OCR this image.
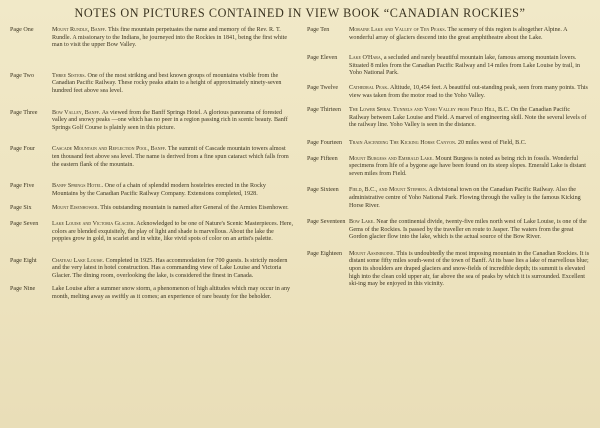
NOTES ON PICTURES CONTAINED IN VIEW BOOK “CANADIAN ROCKIES”
Page One	Mount Rundle, Banff. This fine mountain perpetuates the name and memory of the Rev. R. T. Rundle. A missionary to the Indians, he journeyed into the Rockies in 1841, being the first white man to visit the upper Bow Valley.
Page Two	Three Sisters. One of the most striking and best known groups of mountains visible from the Canadian Pacific Railway. These rocky peaks attain to a height of approximately ninety-seven hundred feet above sea level.
Page Three	Bow Valley, Banff. As viewed from the Banff Springs Hotel. A glorious panorama of forested valley and snowy peaks —one which has no peer in a region passing rich in scenic beauty. Banff Springs Golf Course is plainly seen in this picture.
Page Four	Cascade Mountain and Reflection Pool, Banff. The summit of Cascade mountain towers almost ten thousand feet above sea level. The name is derived from a fine spun cataract which falls from the eastern flank of the mountain.
Page Five	Banff Springs Hotel. One of a chain of splendid modern hostelries erected in the Rocky Mountains by the Canadian Pacific Railway Company. Extensions completed, 1928.
Page Six	Mount Eisenhower. This outstanding mountain is named after General of the Armies Eisenhower.
Page Seven	Lake Louise and Victoria Glacier. Acknowledged to be one of Nature's Scenic Masterpieces. Here, colors are blended exquisitely, the play of light and shade is marvellous. About the lake the poppies grow in gold, in scarlet and in white, like vivid spots of color on an artist's palette.
Page Eight	Chateau Lake Louise. Completed in 1925. Has accommodation for 700 guests. Is strictly modern and the very latest in hotel construction. Has a commanding view of Lake Louise and Victoria Glacier. The dining room, overlooking the lake, is considered the finest in Canada.
Page Nine	Lake Louise after a summer snow storm, a phenomenon of high altitudes which may occur in any month, melting away as swiftly as it comes; an experience of rare beauty for the beholder.
Page Ten	Moraine Lake and Valley of Ten Peaks. The scenery of this region is altogether Alpine. A wonderful array of glaciers descend into the great amphitheatre about the Lake.
Page Eleven	Lake O'Hara, a secluded and rarely beautiful mountain lake, famous among mountain lovers. Situated 8 miles from the Canadian Pacific Railway and 14 miles from Lake Louise by trail, in Yoho National Park.
Page Twelve	Cathedral Peak. Altitude, 10,454 feet. A beautiful out-standing peak, seen from many points. This view was taken from the motor road to the Yoho Valley.
Page Thirteen	The Lower Spiral Tunnels and Yoho Valley from Field Hill, B.C. On the Canadian Pacific Railway between Lake Louise and Field. A marvel of engineering skill. Note the several levels of the railway line. Yoho Valley is seen in the distance.
Page Fourteen	Train Ascending The Kicking Horse Canyon. 20 miles west of Field, B.C.
Page Fifteen	Mount Burgess and Emerald Lake. Mount Burgess is noted as being rich in fossils. Wonderful specimens from life of a bygone age have been found on its steep slopes. Emerald Lake is distant seven miles from Field.
Page Sixteen	Field, B.C., and Mount Stephen. A divisional town on the Canadian Pacific Railway. Also the administrative centre of Yoho National Park. Flowing through the valley is the famous Kicking Horse River.
Page Seventeen Bow Lake. Near the continental divide, twenty-five miles north west of Lake Louise, is one of the Gems of the Rockies. Is passed by the traveller en route to Jasper. The waters from the great Gordon glacier flow into the lake, which is the actual source of the Bow River.
Page Eighteen	Mount Assiniboine. This is undoubtedly the most imposing mountain in the Canadian Rockies. It is distant some fifty miles south-west of the town of Banff. At its base lies a lake of marvellous blue; upon its shoulders are draped glaciers and snow-fields of incredible depth; its summit is elevated high into the clean cold upper air, far above the sea of peaks by which it is surrounded. Excellent ski-ing may be enjoyed in this vicinity.
